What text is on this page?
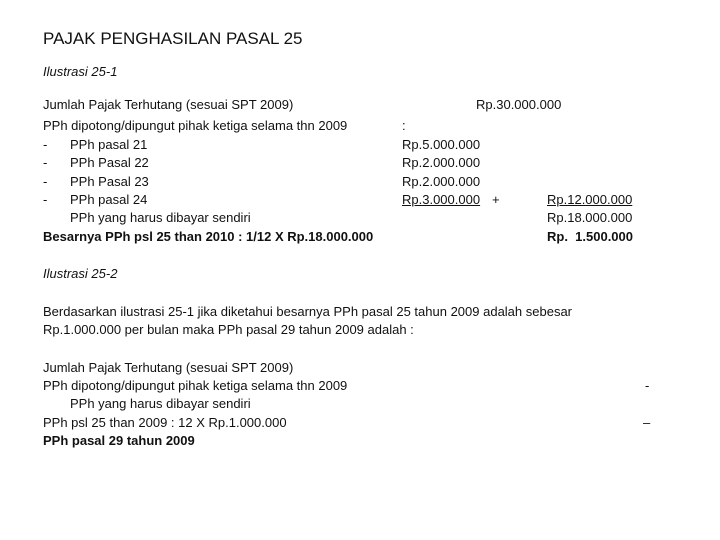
PAJAK PENGHASILAN PASAL 25
Ilustrasi 25-1
Jumlah Pajak Terhutang (sesuai SPT 2009)	Rp.30.000.000
PPh dipotong/dipungut pihak ketiga selama thn 2009	:
- PPh pasal 21	Rp.5.000.000
- PPh Pasal 22	Rp.2.000.000
- PPh Pasal 23	Rp.2.000.000
- PPh pasal 24	Rp.3.000.000 +	Rp.12.000.000
PPh yang harus dibayar sendiri	Rp.18.000.000
Besarnya PPh psl 25 than 2010 : 1/12 X Rp.18.000.000	Rp.  1.500.000
Ilustrasi 25-2
Berdasarkan ilustrasi 25-1 jika diketahui besarnya PPh pasal 25 tahun 2009 adalah sebesar
Rp.1.000.000 per bulan maka PPh pasal 29 tahun 2009 adalah :
Jumlah Pajak Terhutang (sesuai SPT 2009)
PPh dipotong/dipungut pihak ketiga selama thn 2009	-
PPh yang harus dibayar sendiri
PPh psl 25 than 2009 : 12 X Rp.1.000.000	–
PPh pasal 29 tahun 2009
